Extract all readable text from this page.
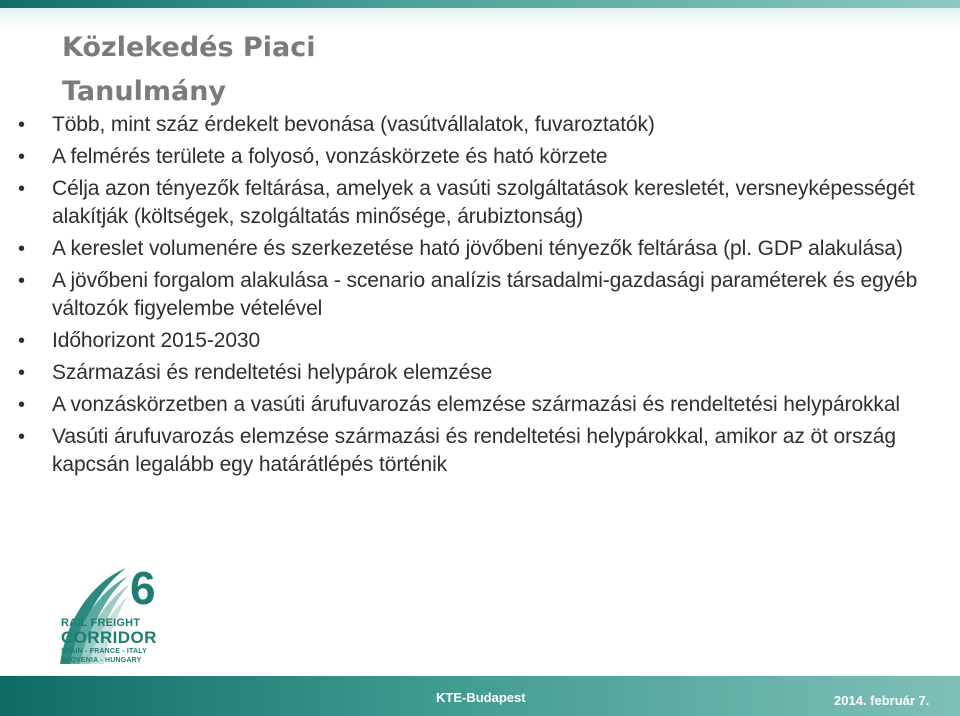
Közlekedés Piaci
Tanulmány
•	Több, mint száz érdekelt bevonása (vasútvállalatok, fuvaroztatók)
•	A felmérés területe a folyosó, vonzáskörzete és ható körzete
•	Célja azon tényezők feltárása, amelyek a vasúti szolgáltatások keresletét, versneyképességét alakítják (költségek, szolgáltatás minősége, árubiztonság)
•	A kereslet volumenére és szerkezetése ható jövőbeni tényezők feltárása (pl. GDP alakulása)
•	A jövőbeni forgalom alakulása - scenario analízis társadalmi-gazdasági paraméterek és egyéb változók figyelembe vételével
•	Időhorizont 2015-2030
•	Származási és rendeltetési helypárok elemzése
•	A vonzáskörzetben a vasúti árufuvarozás elemzése származási és rendeltetési helypárokkal
•	Vasúti árufuvarozás elemzése származási és rendeltetési helypárokkal, amikor az öt ország kapcsán legalább egy határátlépés történik
6
RAIL FREIGHT
CORRIDOR
SPAIN - FRANCE - ITALY
SLOVENIA - HUNGARY
KTE-Budapest	2014. február 7.
